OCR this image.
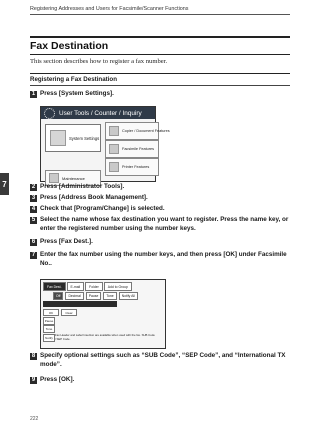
Registering Addresses and Users for Facsimile/Scanner Functions
7
Fax Destination
This section describes how to register a fax number.
Registering a Fax Destination
1 Press [System Settings].
User Tools / Counter / Inquiry
System Settings
Copier / Document Features
Facsimile Features
Printer Features
Maintenance
2 Press [Administrator Tools].
3 Press [Address Book Management].
4 Check that [Program/Change] is selected.
5 Select the name whose fax destination you want to register. Press the name key, or enter the registered number using the number keys.
6 Press [Fax Dest.].
7 Enter the fax number using the number keys, and then press [OK] under Facsimile No..
Fax Dest.	E-mail	Folder	Add to Group
Off	Decimal	Pause	Tone	Notify All
OK	Clear
Pause
Tone
Notify
Fax Header and Label Insertion are available when used with the fax. SUB Code / SEP Code.
8 Specify optional settings such as “SUB Code”, “SEP Code”, and “International TX mode”.
9 Press [OK].
222
